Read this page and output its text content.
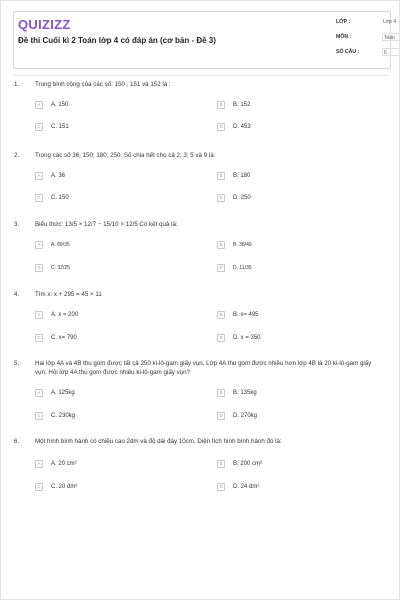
QUIZIZZ
Đề thi Cuối kì 2 Toán lớp 4 có đáp án (cơ bản - Đề 3)
LỚP :	Lớp 4
MÔN :	Toán
SỐ CÂU :	6
1.	Trung bình cộng của các số: 150 ; 151 và 152 là :
A	A. 150	B	B. 152
C	C. 151	D	D. 453
2.	Trong các số 36; 150; 180; 250. Số chia hết cho cả 2; 3; 5 và 9 là:
A	A. 36	B	B. 180
C	C. 150	D	D. 250
3.	Biểu thức: 13/5 × 12/7 − 15/10 × 12/5 Có kết quả là:
A	A. 89/35	B	B. 38/49
C	C. 32/25	D	D. 11/35
4.	Tìm x: x + 295 = 45 × 11
A	A. x = 200	B	B. x= 495
C	C. x= 790	D	D. x = 350
5.	Hai lớp 4A và 4B thu gom được tất cả 250 ki-lô-gam giấy vụn. Lớp 4A thu gom được nhiều hơn lớp 4B là 20 ki-lô-gam giấy vụn. Hỏi lớp 4A thu gom được nhiêu ki-lô-gam giấy vụn?
A	A. 125kg	B	B. 135kg
C	C. 230kg	D	D. 270kg
6.	Một hình bình hành có chiều cao 2dm và độ dài đáy 10cm. Diện tích hình bình hành đó là:
A	A. 20 cm²	B	B. 200 cm²
C	C. 20 dm²	D	D. 24 dm²
